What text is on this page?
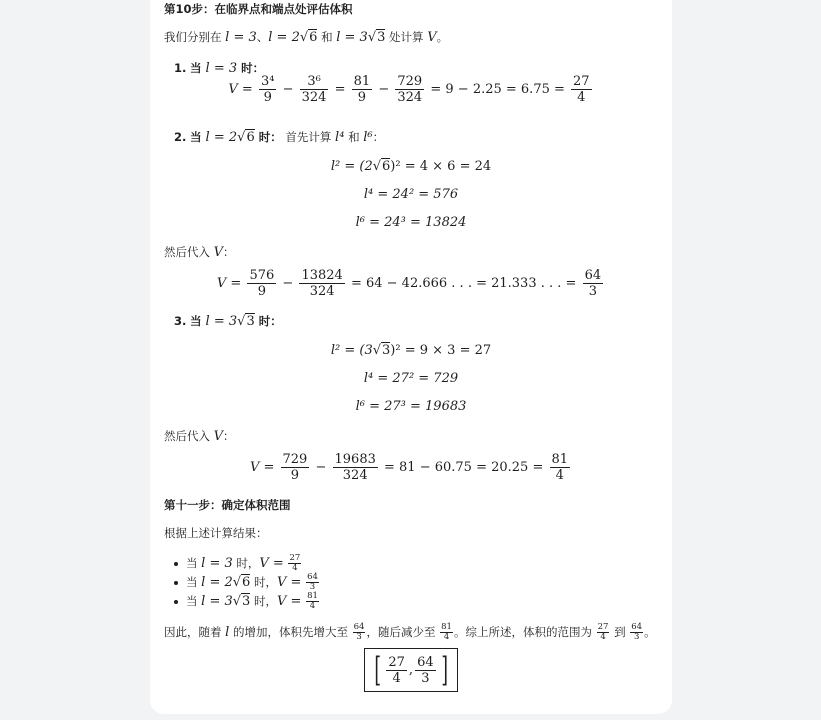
第10步：在临界点和端点处评估体积
我们分别在 l = 3、l = 2√6 和 l = 3√3 处计算 V。
1. 当 l = 3 时：
$V = \frac{\text{3⁴}}{9} - \frac{\text{3⁶}}{324} = \frac{81}{9} - \frac{729}{324} = 9 - 2.25 = 6.75 = \frac{27}{4}$
2. 当 l = 2√6 时： 首先计算 l⁴ 和 l⁶：
l² = (2√6)² = 4 × 6 = 24
l⁴ = 24² = 576
l⁶ = 24³ = 13824
然后代入 V：
$V = \frac{576}{9} - \frac{13824}{324} = 64 - 42.666$ . . . = 21.333 . . . = $\frac{64}{3}$
3. 当 l = 3√3 时：
l² = (3√3)² = 9 × 3 = 27
l⁴ = 27² = 729
l⁶ = 27³ = 19683
然后代入 V：
$V = \frac{729}{9} - \frac{19683}{324} = 81 - 60.75 = 20.25 = \frac{81}{4}$
第十一步：确定体积范围
根据上述计算结果：
当 l = 3 时，$V = \frac{27}{4}$
当 l = 2√6 时，$V = \frac{64}{3}$
当 l = 3√3 时，$V = \frac{81}{4}$
因此，随着 l 的增加，体积先增大至 $\frac{64}{3}$ ，随后减少至 $\frac{81}{4}$ 。综上所述，体积的范围为 $\frac{27}{4}$ 到 $\frac{64}{3}$ 。
[ $\frac{27}{4}$ , $\frac{64}{3}$ ]
